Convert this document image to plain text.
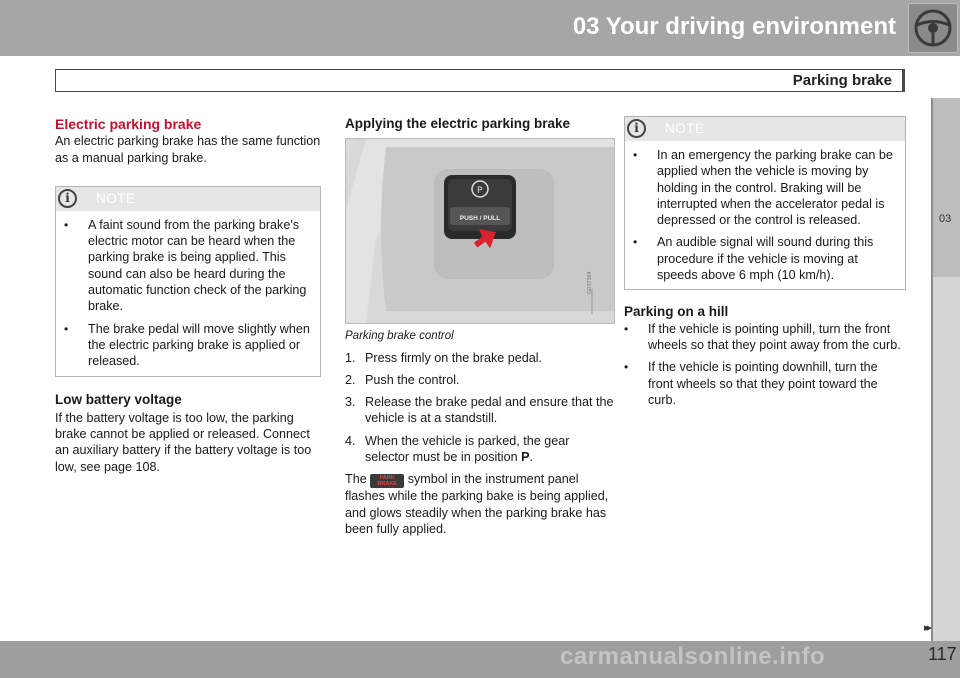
03 Your driving environment
Parking brake
03
Electric parking brake

An electric parking brake has the same function as a manual parking brake.

i	NOTE
•	A faint sound from the parking brake's electric motor can be heard when the parking brake is being applied. This sound can also be heard during the automatic function check of the parking brake.
•	The brake pedal will move slightly when the electric parking brake is applied or released.
Low battery voltage

If the battery voltage is too low, the parking brake cannot be applied or released. Connect an auxiliary battery if the battery voltage is too low, see page 108.

Applying the electric parking brake
P
PUSH / PULL
G037364
Parking brake control
1. Press firmly on the brake pedal.
2. Push the control.
3. Release the brake pedal and ensure that the vehicle is at a standstill.
4. When the vehicle is parked, the gear selector must be in position P.

The PARK BRAKE symbol in the instrument panel flashes while the parking bake is being applied, and glows steadily when the parking brake has been fully applied.

i	NOTE
•	In an emergency the parking brake can be applied when the vehicle is moving by holding in the control. Braking will be interrupted when the accelerator pedal is depressed or the control is released.
•	An audible signal will sound during this procedure if the vehicle is moving at speeds above 6 mph (10 km/h).
Parking on a hill
•	If the vehicle is pointing uphill, turn the front wheels so that they point away from the curb.
•	If the vehicle is pointing downhill, turn the front wheels so that they point toward the curb.
▸▸
carmanualsonline.info	117
